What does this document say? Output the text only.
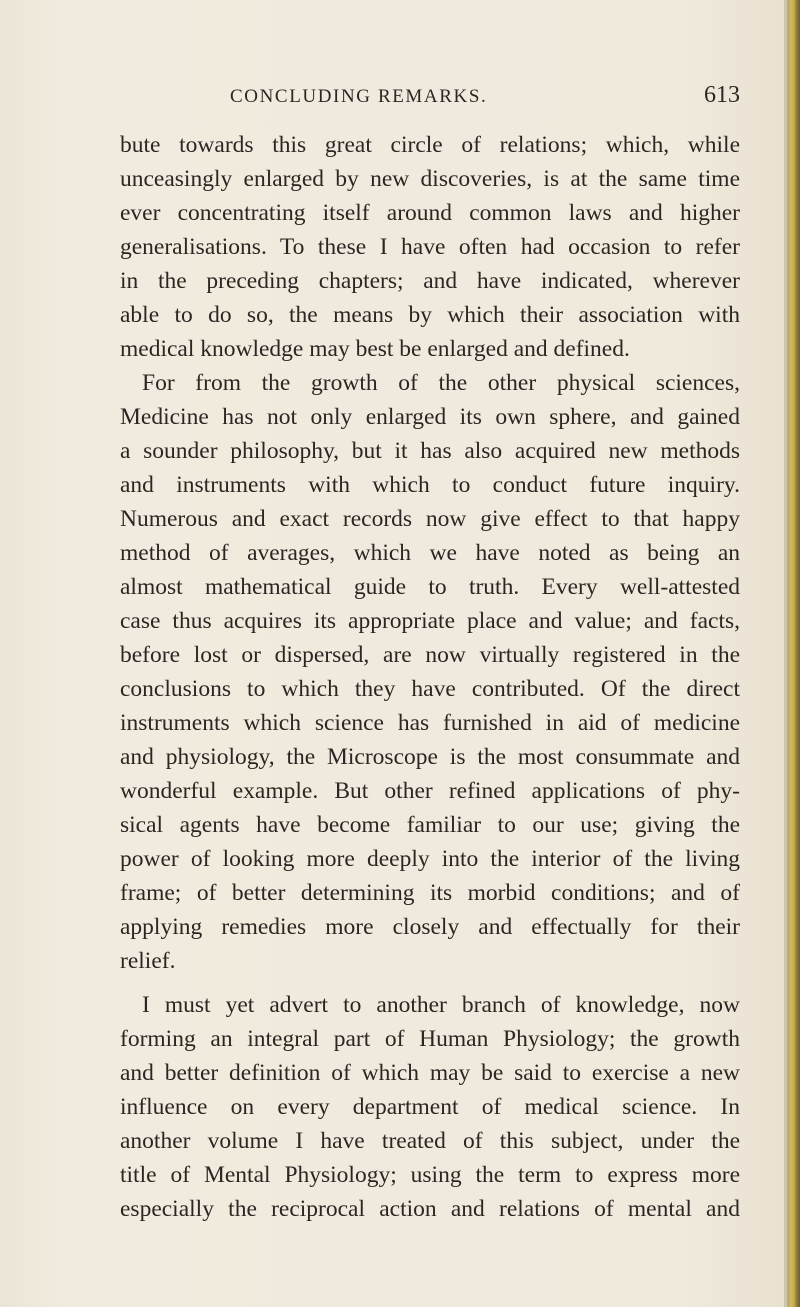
CONCLUDING REMARKS.	613
bute towards this great circle of relations; which, while
unceasingly enlarged by new discoveries, is at the same time
ever concentrating itself around common laws and higher
generalisations. To these I have often had occasion to refer
in the preceding chapters; and have indicated, wherever
able to do so, the means by which their association with
medical knowledge may best be enlarged and defined.
For from the growth of the other physical sciences,
Medicine has not only enlarged its own sphere, and gained
a sounder philosophy, but it has also acquired new methods
and instruments with which to conduct future inquiry.
Numerous and exact records now give effect to that happy
method of averages, which we have noted as being an
almost mathematical guide to truth. Every well-attested
case thus acquires its appropriate place and value; and facts,
before lost or dispersed, are now virtually registered in the
conclusions to which they have contributed. Of the direct
instruments which science has furnished in aid of medicine
and physiology, the Microscope is the most consummate and
wonderful example. But other refined applications of phy-
sical agents have become familiar to our use; giving the
power of looking more deeply into the interior of the living
frame; of better determining its morbid conditions; and of
applying remedies more closely and effectually for their
relief.
I must yet advert to another branch of knowledge, now
forming an integral part of Human Physiology; the growth
and better definition of which may be said to exercise a new
influence on every department of medical science. In
another volume I have treated of this subject, under the
title of Mental Physiology; using the term to express more
especially the reciprocal action and relations of mental and
